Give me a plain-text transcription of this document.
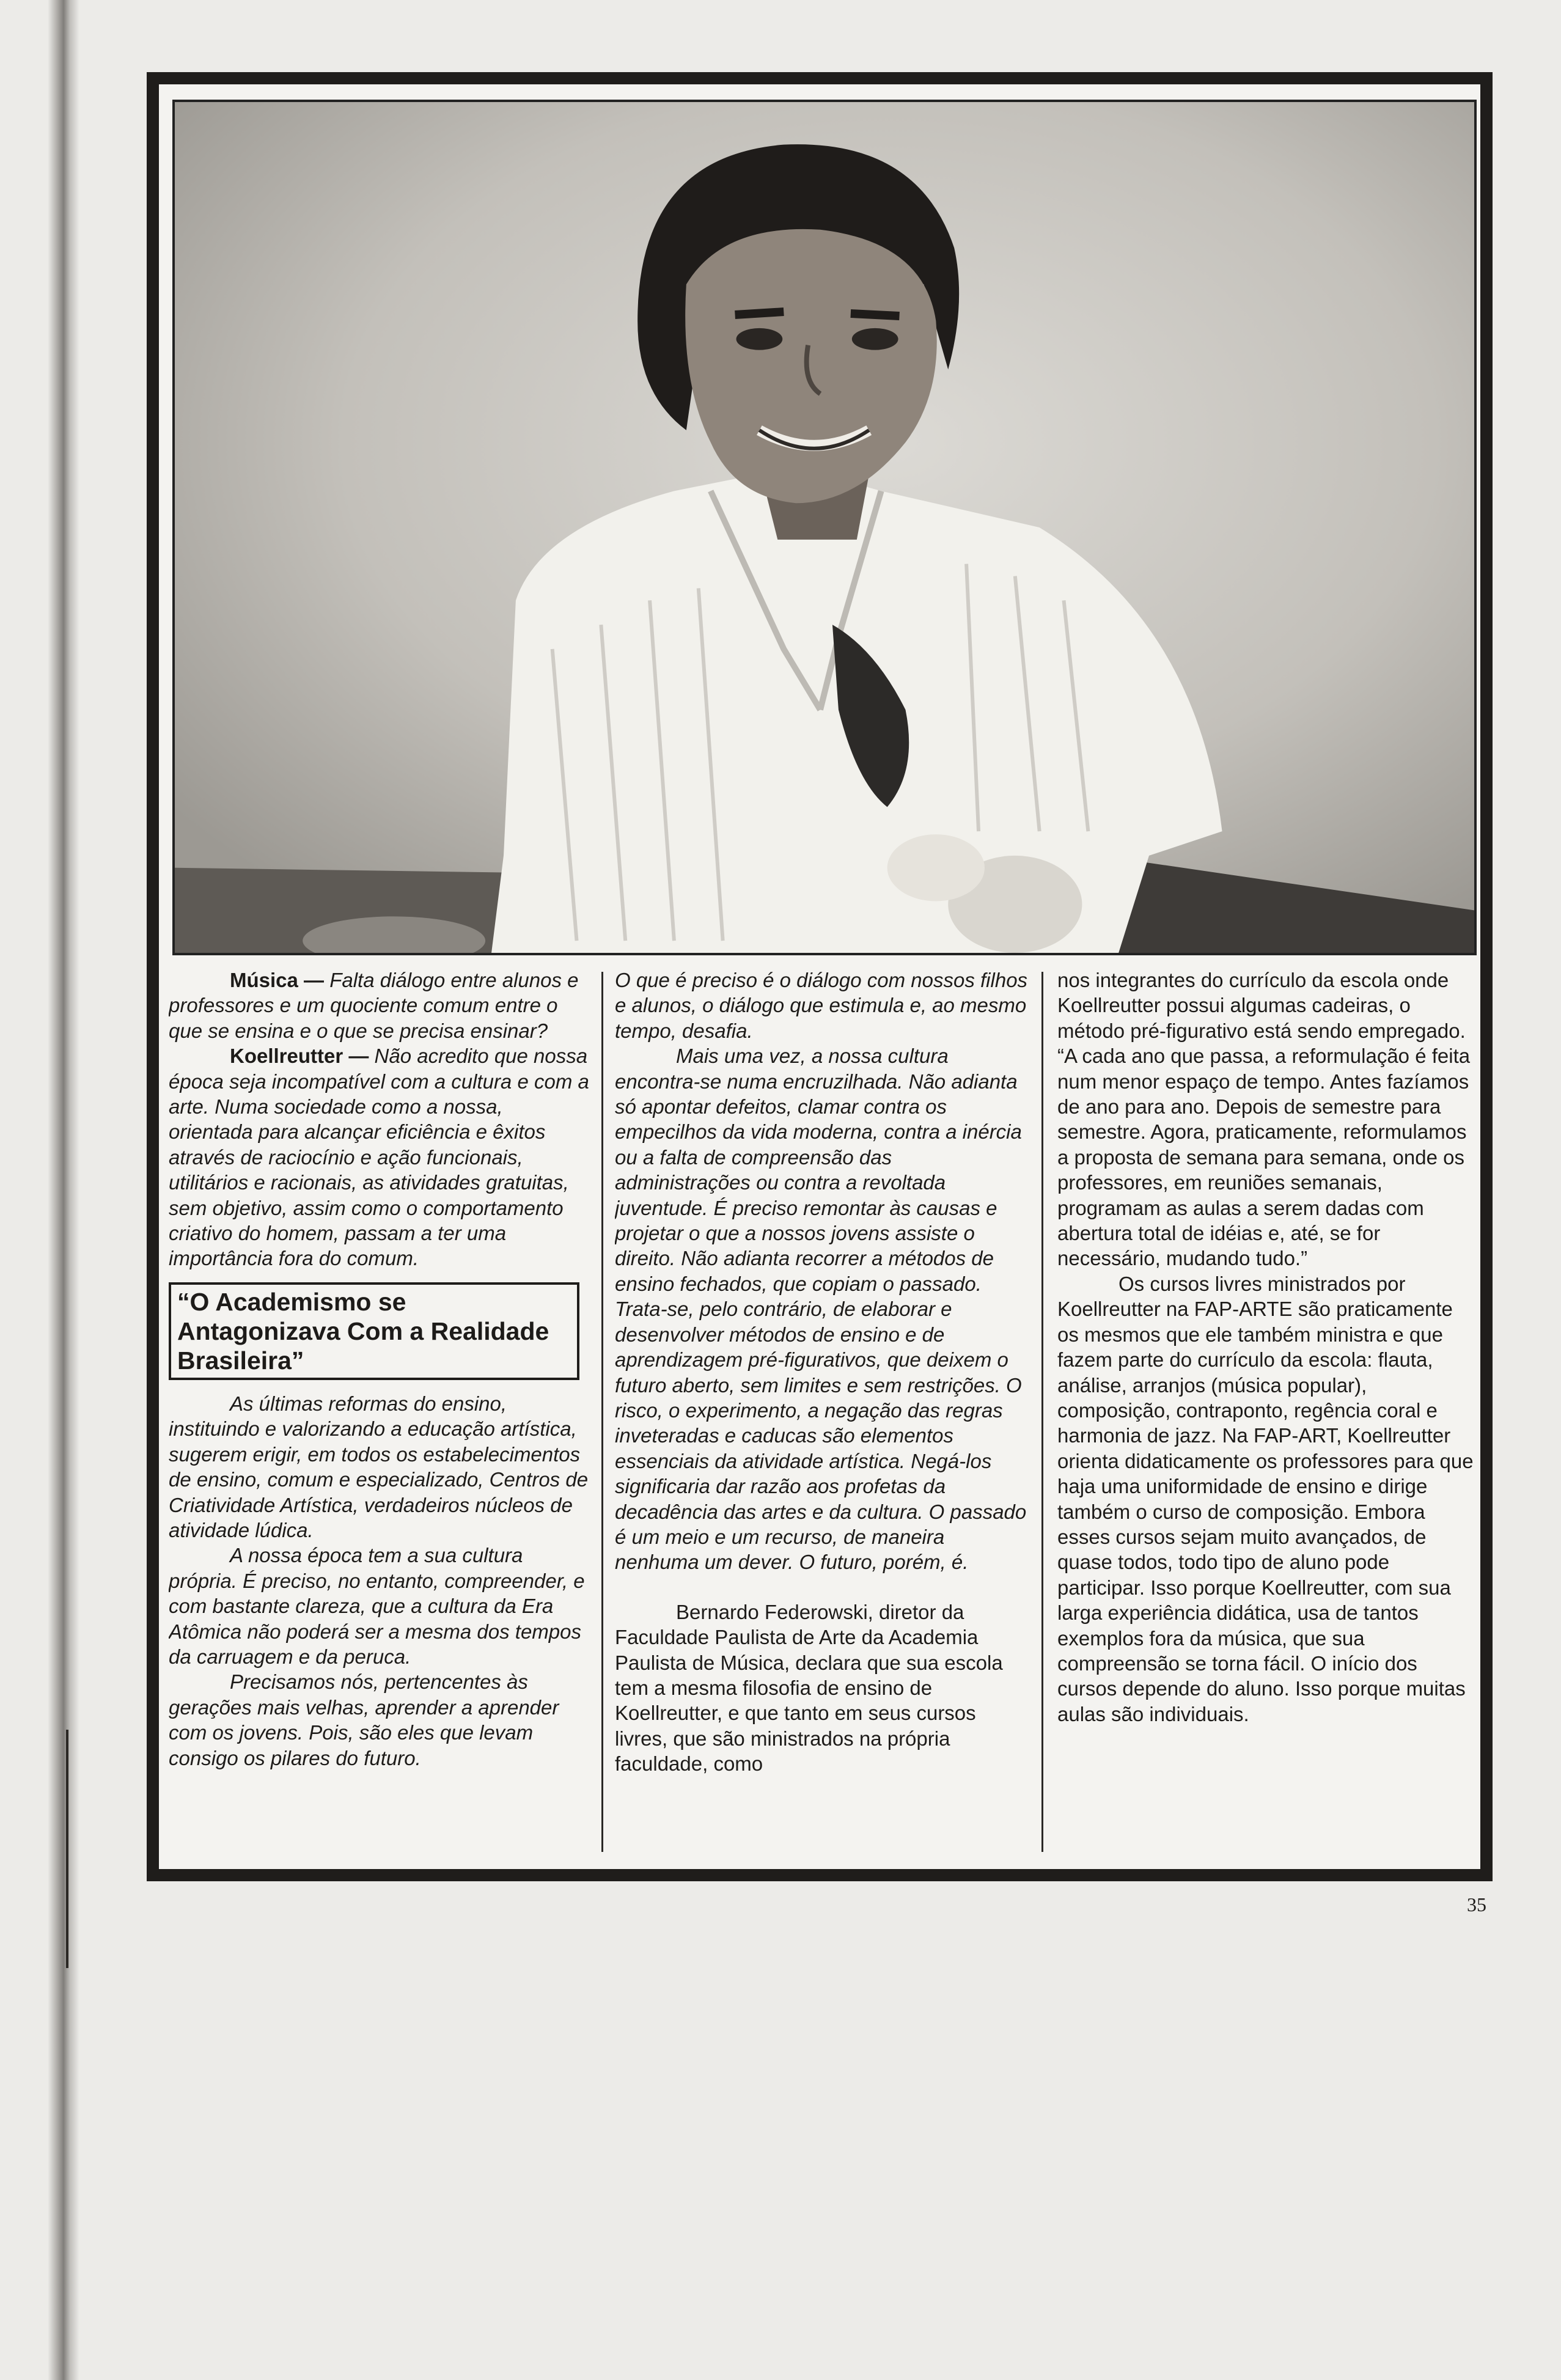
Música — Falta diálogo entre alunos e professores e um quociente comum entre o que se ensina e o que se precisa ensinar?

Koellreutter — Não acredito que nossa época seja incompatível com a cultura e com a arte. Numa sociedade como a nossa, orientada para alcançar eficiência e êxitos através de raciocínio e ação funcionais, utilitários e racionais, as atividades gratuitas, sem objetivo, assim como o comportamento criativo do homem, passam a ter uma importância fora do comum.

“O Academismo se Antagonizava Com a Realidade Brasileira”

As últimas reformas do ensino, instituindo e valorizando a educação artística, sugerem erigir, em todos os estabelecimentos de ensino, comum e especializado, Centros de Criatividade Artística, verdadeiros núcleos de atividade lúdica.

A nossa época tem a sua cultura própria. É preciso, no entanto, compreender, e com bastante clareza, que a cultura da Era Atômica não poderá ser a mesma dos tempos da carruagem e da peruca.

Precisamos nós, pertencentes às gerações mais velhas, aprender a aprender com os jovens. Pois, são eles que levam consigo os pilares do futuro.

O que é preciso é o diálogo com nossos filhos e alunos, o diálogo que estimula e, ao mesmo tempo, desafia.

Mais uma vez, a nossa cultura encontra-se numa encruzilhada. Não adianta só apontar defeitos, clamar contra os empecilhos da vida moderna, contra a inércia ou a falta de compreensão das administrações ou contra a revoltada juventude. É preciso remontar às causas e projetar o que a nossos jovens assiste o direito. Não adianta recorrer a métodos de ensino fechados, que copiam o passado. Trata-se, pelo contrário, de elaborar e desenvolver métodos de ensino e de aprendizagem pré-figurativos, que deixem o futuro aberto, sem limites e sem restrições. O risco, o experimento, a negação das regras inveteradas e caducas são elementos essenciais da atividade artística. Negá-los significaria dar razão aos profetas da decadência das artes e da cultura. O passado é um meio e um recurso, de maneira nenhuma um dever. O futuro, porém, é.

Bernardo Federowski, diretor da Faculdade Paulista de Arte da Academia Paulista de Música, declara que sua escola tem a mesma filosofia de ensino de Koellreutter, e que tanto em seus cursos livres, que são ministrados na própria faculdade, como

nos integrantes do currículo da escola onde Koellreutter possui algumas cadeiras, o método pré-figurativo está sendo empregado. “A cada ano que passa, a reformulação é feita num menor espaço de tempo. Antes fazíamos de ano para ano. Depois de semestre para semestre. Agora, praticamente, reformulamos a proposta de semana para semana, onde os professores, em reuniões semanais, programam as aulas a serem dadas com abertura total de idéias e, até, se for necessário, mudando tudo.”

Os cursos livres ministrados por Koellreutter na FAP-ARTE são praticamente os mesmos que ele também ministra e que fazem parte do currículo da escola: flauta, análise, arranjos (música popular), composição, contraponto, regência coral e harmonia de jazz. Na FAP-ART, Koellreutter orienta didaticamente os professores para que haja uma uniformidade de ensino e dirige também o curso de composição. Embora esses cursos sejam muito avançados, de quase todos, todo tipo de aluno pode participar. Isso porque Koellreutter, com sua larga experiência didática, usa de tantos exemplos fora da música, que sua compreensão se torna fácil. O início dos cursos depende do aluno. Isso porque muitas aulas são individuais.

35
